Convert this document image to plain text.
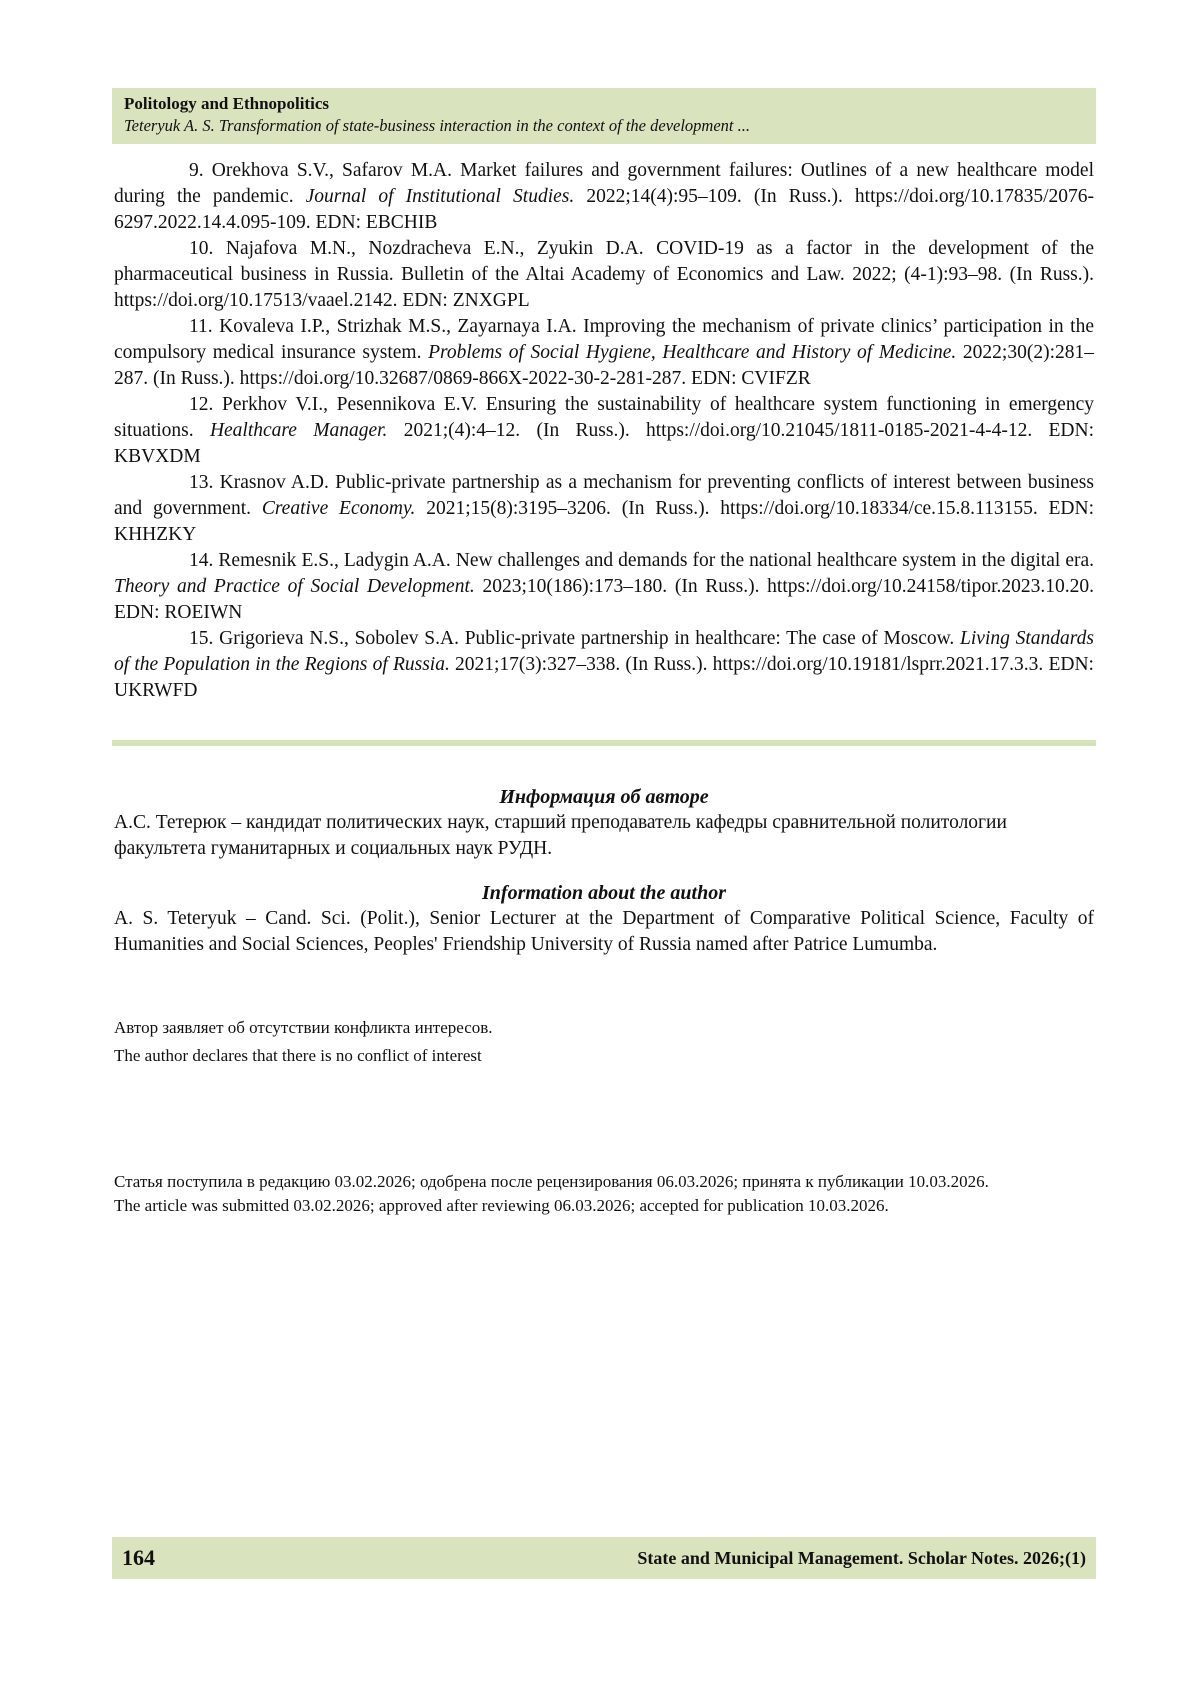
Politology and Ethnopolitics
Teteryuk A. S. Transformation of state-business interaction in the context of the development ...

9. Orekhova S.V., Safarov M.A. Market failures and government failures: Outlines of a new healthcare model during the pandemic. Journal of Institutional Studies. 2022;14(4):95–109. (In Russ.). https://doi.org/10.17835/2076-6297.2022.14.4.095-109. EDN: EBCHIB

10. Najafova M.N., Nozdracheva E.N., Zyukin D.A. COVID-19 as a factor in the development of the pharmaceutical business in Russia. Bulletin of the Altai Academy of Economics and Law. 2022; (4-1):93–98. (In Russ.). https://doi.org/10.17513/vaael.2142. EDN: ZNXGPL

11. Kovaleva I.P., Strizhak M.S., Zayarnaya I.A. Improving the mechanism of private clinics’ participation in the compulsory medical insurance system. Problems of Social Hygiene, Healthcare and History of Medicine. 2022;30(2):281–287. (In Russ.). https://doi.org/10.32687/0869-866X-2022-30-2-281-287. EDN: CVIFZR

12. Perkhov V.I., Pesennikova E.V. Ensuring the sustainability of healthcare system functioning in emergency situations. Healthcare Manager. 2021;(4):4–12. (In Russ.). https://doi.org/10.21045/1811-0185-2021-4-4-12. EDN: KBVXDM

13. Krasnov A.D. Public-private partnership as a mechanism for preventing conflicts of interest between business and government. Creative Economy. 2021;15(8):3195–3206. (In Russ.). https://doi.org/10.18334/ce.15.8.113155. EDN: KHHZKY

14. Remesnik E.S., Ladygin A.A. New challenges and demands for the national healthcare system in the digital era. Theory and Practice of Social Development. 2023;10(186):173–180. (In Russ.). https://doi.org/10.24158/tipor.2023.10.20. EDN: ROEIWN

15. Grigorieva N.S., Sobolev S.A. Public-private partnership in healthcare: The case of Moscow. Living Standards of the Population in the Regions of Russia. 2021;17(3):327–338. (In Russ.). https://doi.org/10.19181/lsprr.2021.17.3.3. EDN: UKRWFD

Информация об авторе

А.С. Тетерюк – кандидат политических наук, старший преподаватель кафедры сравнительной политологии факультета гуманитарных и социальных наук РУДН.

Information about the author

A. S. Teteryuk – Cand. Sci. (Polit.), Senior Lecturer at the Department of Comparative Political Science, Faculty of Humanities and Social Sciences, Peoples' Friendship University of Russia named after Patrice Lumumba.

Автор заявляет об отсутствии конфликта интересов.
The author declares that there is no conflict of interest

Статья поступила в редакцию 03.02.2026; одобрена после рецензирования 06.03.2026; принята к публикации 10.03.2026.

The article was submitted 03.02.2026; approved after reviewing 06.03.2026; accepted for publication 10.03.2026.

164	State and Municipal Management. Scholar Notes. 2026;(1)
